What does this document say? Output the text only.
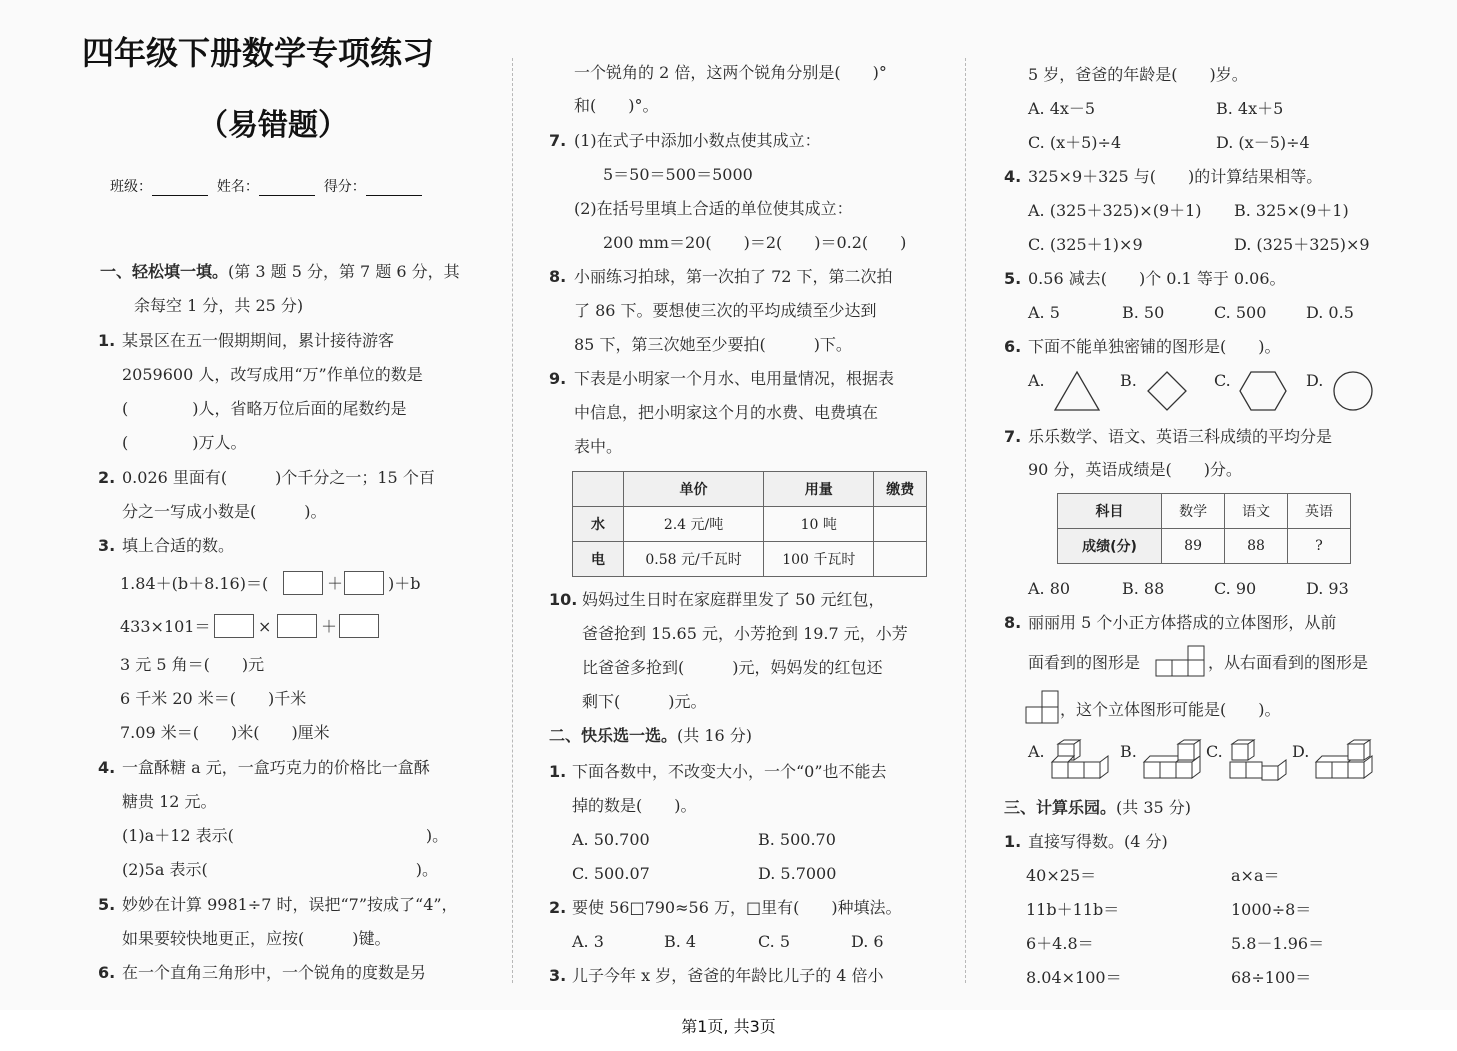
四年级下册数学专项练习
（易错题）
班级：	姓名：	得分：
一、轻松填一填。(第 3 题 5 分，第 7 题 6 分，其
余每空 1 分，共 25 分)
1. 某景区在五一假期期间，累计接待游客
2059600 人，改写成用“万”作单位的数是
(　　　　)人，省略万位后面的尾数约是
(　　　　)万人。
2. 0.026 里面有(　　　)个千分之一；15 个百
分之一写成小数是(　　　)。
3. 填上合适的数。
1.84＋(b＋8.16)＝(	＋	)＋b
433×101＝	×	＋
3 元 5 角＝(　　)元
6 千米 20 米＝(　　)千米
7.09 米＝(　　)米(　　)厘米
4. 一盒酥糖 a 元，一盒巧克力的价格比一盒酥
糖贵 12 元。
(1)a＋12 表示(　　　　　　　　　　　　)。
(2)5a 表示(　　　　　　　　　　　　　)。
5. 妙妙在计算 9981÷7 时，误把“7”按成了“4”，
如果要较快地更正，应按(　　　)键。
6. 在一个直角三角形中，一个锐角的度数是另
一个锐角的 2 倍，这两个锐角分别是(　　)°
和(　　)°。
7. (1)在式子中添加小数点使其成立：
5＝50＝500＝5000
(2)在括号里填上合适的单位使其成立：
200 mm＝20(　　)＝2(　　)＝0.2(　　)
8. 小丽练习拍球，第一次拍了 72 下，第二次拍
了 86 下。要想使三次的平均成绩至少达到
85 下，第三次她至少要拍(　　　)下。
9. 下表是小明家一个月水、电用量情况，根据表
中信息，把小明家这个月的水费、电费填在
表中。
	单价	用量	缴费
水	2.4 元/吨	10 吨	
电	0.58 元/千瓦时	100 千瓦时	
10. 妈妈过生日时在家庭群里发了 50 元红包，
爸爸抢到 15.65 元，小芳抢到 19.7 元，小芳
比爸爸多抢到(　　　)元，妈妈发的红包还
剩下(　　　)元。
二、快乐选一选。(共 16 分)
1. 下面各数中，不改变大小，一个“0”也不能去
掉的数是(　　)。
A. 50.700	B. 500.70
C. 500.07	D. 5.7000
2. 要使 56□790≈56 万，□里有(　　)种填法。
A. 3	B. 4	C. 5	D. 6
3. 儿子今年 x 岁，爸爸的年龄比儿子的 4 倍小
5 岁，爸爸的年龄是(　　)岁。
A. 4x－5	B. 4x＋5
C. (x＋5)÷4	D. (x－5)÷4
4. 325×9＋325 与(　　)的计算结果相等。
A. (325＋325)×(9＋1) B. 325×(9＋1)
C. (325＋1)×9	D. (325＋325)×9
5. 0.56 减去(　　)个 0.1 等于 0.06。
A. 5	B. 50	C. 500 D. 0.5
6. 下面不能单独密铺的图形是(　　)。
A.	B.	C.	D.
7. 乐乐数学、语文、英语三科成绩的平均分是
90 分，英语成绩是(　　)分。
科目	数学	语文	英语
成绩(分)	89	88	?
A. 80	B. 88	C. 90	D. 93
8. 丽丽用 5 个小正方体搭成的立体图形，从前
面看到的图形是	，从右面看到的图形是
，这个立体图形可能是(　　)。
A.	B.	C.	D.
三、计算乐园。(共 35 分)
1. 直接写得数。(4 分)
40×25＝	a×a＝
11b＋11b＝	1000÷8＝
6＋4.8＝	5.8－1.96＝
8.04×100＝	68÷100＝
第1页, 共3页
